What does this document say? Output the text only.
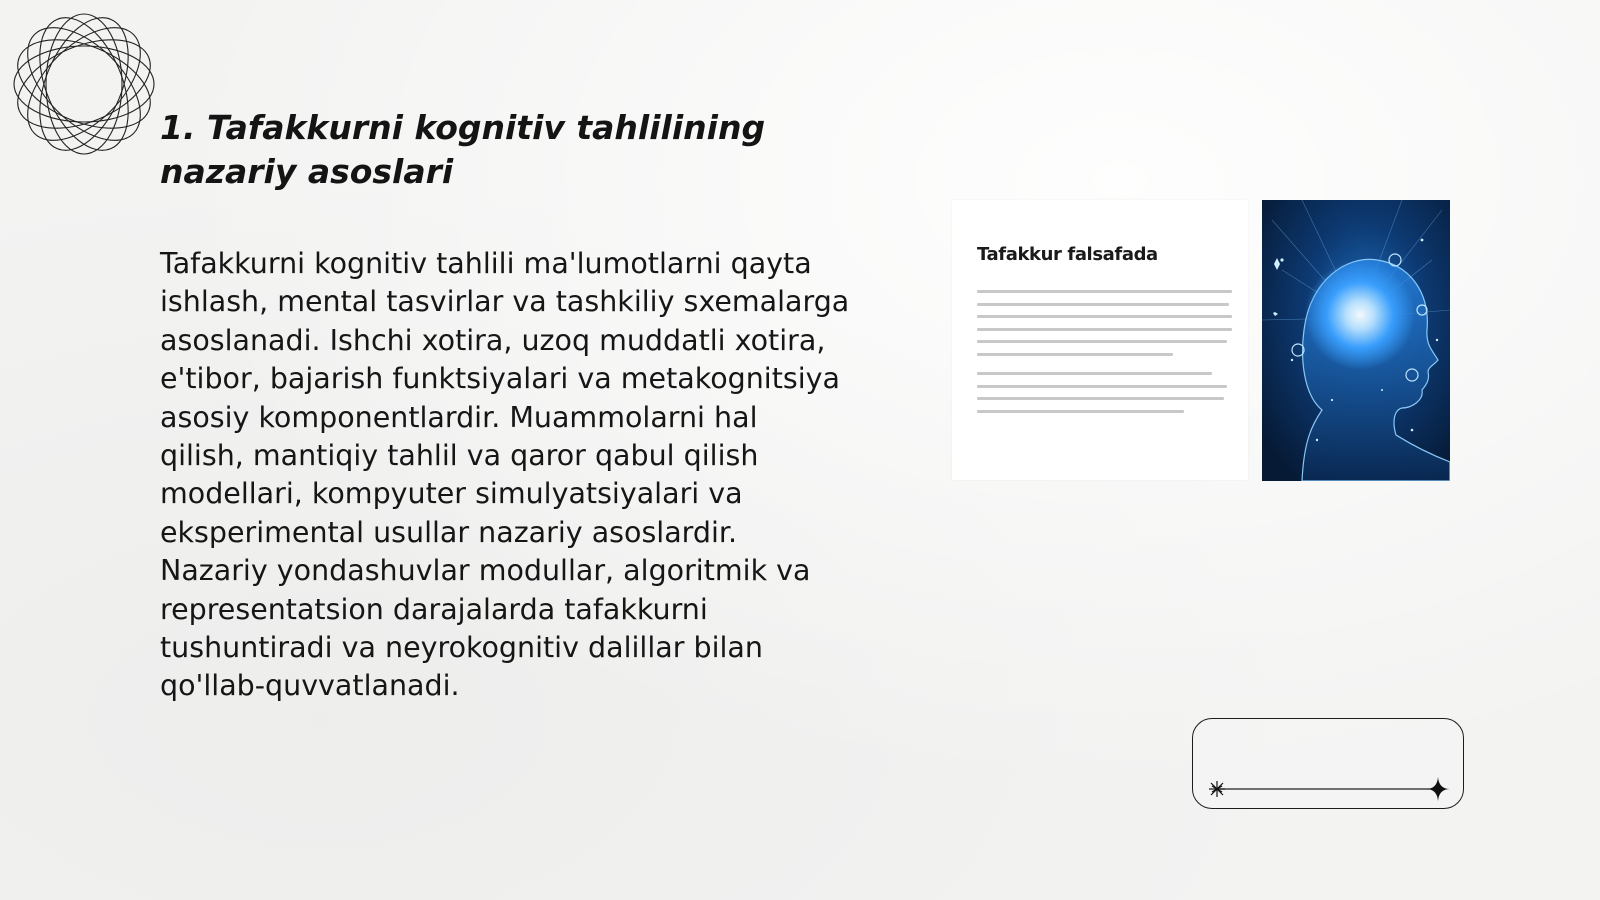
1. Tafakkurni kognitiv tahlilining nazariy asoslari

Tafakkurni kognitiv tahlili ma'lumotlarni qayta ishlash, mental tasvirlar va tashkiliy sxemalarga asoslanadi. Ishchi xotira, uzoq muddatli xotira, e'tibor, bajarish funktsiyalari va metakognitsiya asosiy komponentlardir. Muammolarni hal qilish, mantiqiy tahlil va qaror qabul qilish modellari, kompyuter simulyatsiyalari va eksperimental usullar nazariy asoslardir. Nazariy yondashuvlar modullar, algoritmik va representatsion darajalarda tafakkurni tushuntiradi va neyrokognitiv dalillar bilan qo'llab-quvvatlanadi.

Tafakkur falsafada
